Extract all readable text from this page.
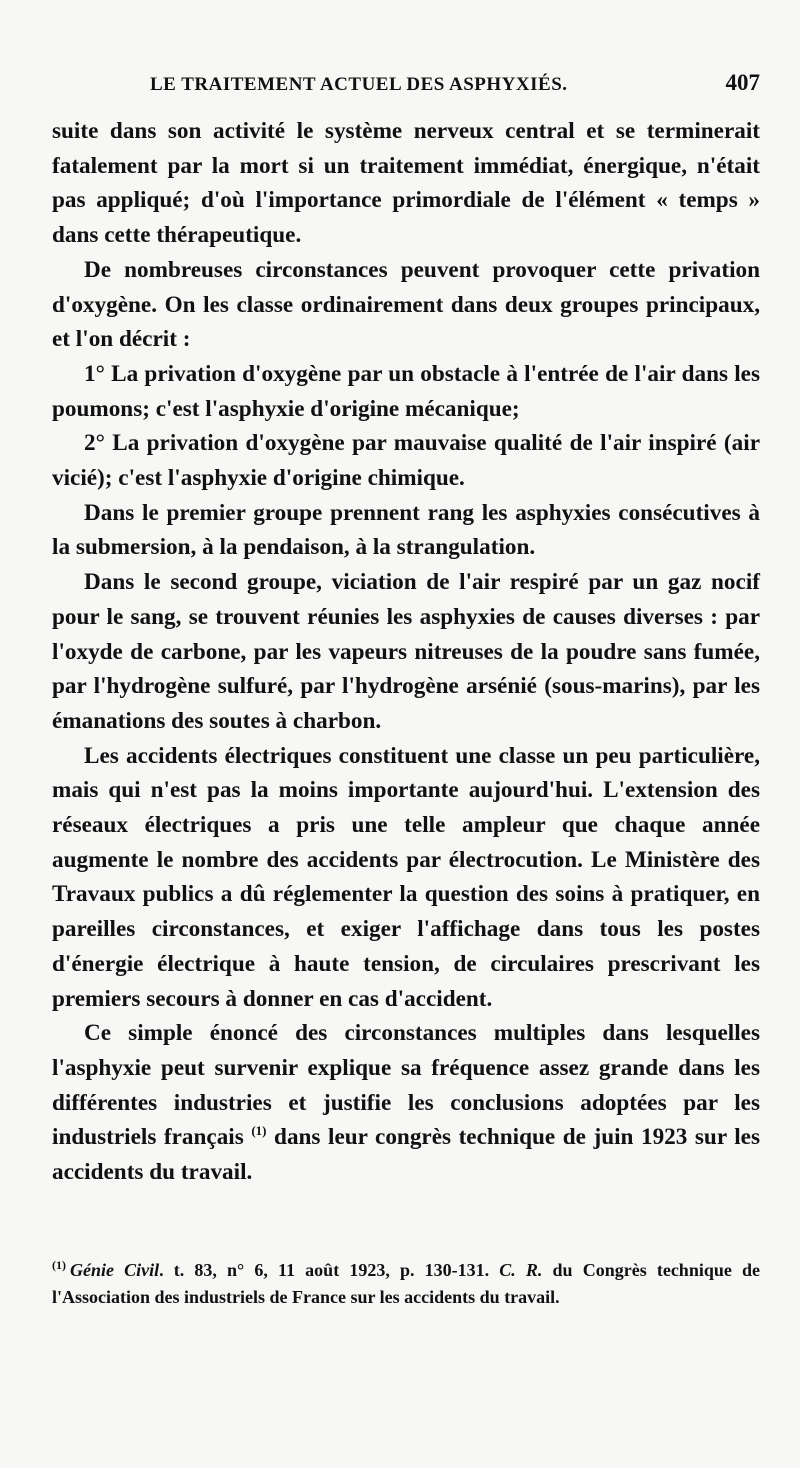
LE TRAITEMENT ACTUEL DES ASPHYXIÉS.	407

suite dans son activité le système nerveux central et se terminerait fatalement par la mort si un traitement immédiat, énergique, n'était pas appliqué; d'où l'importance primordiale de l'élément « temps » dans cette thérapeutique.

De nombreuses circonstances peuvent provoquer cette privation d'oxygène. On les classe ordinairement dans deux groupes principaux, et l'on décrit :

1° La privation d'oxygène par un obstacle à l'entrée de l'air dans les poumons; c'est l'asphyxie d'origine mécanique;

2° La privation d'oxygène par mauvaise qualité de l'air inspiré (air vicié); c'est l'asphyxie d'origine chimique.

Dans le premier groupe prennent rang les asphyxies consécutives à la submersion, à la pendaison, à la strangulation.

Dans le second groupe, viciation de l'air respiré par un gaz nocif pour le sang, se trouvent réunies les asphyxies de causes diverses : par l'oxyde de carbone, par les vapeurs nitreuses de la poudre sans fumée, par l'hydrogène sulfuré, par l'hydrogène arsénié (sous-marins), par les émanations des soutes à charbon.

Les accidents électriques constituent une classe un peu particulière, mais qui n'est pas la moins importante aujourd'hui. L'extension des réseaux électriques a pris une telle ampleur que chaque année augmente le nombre des accidents par électrocution. Le Ministère des Travaux publics a dû réglementer la question des soins à pratiquer, en pareilles circonstances, et exiger l'affichage dans tous les postes d'énergie électrique à haute tension, de circulaires prescrivant les premiers secours à donner en cas d'accident.

Ce simple énoncé des circonstances multiples dans lesquelles l'asphyxie peut survenir explique sa fréquence assez grande dans les différentes industries et justifie les conclusions adoptées par les industriels français $^{(1)}$ dans leur congrès technique de juin 1923 sur les accidents du travail.

$^{(1)}$ Génie Civil. t. 83, n° 6, 11 août 1923, p. 130-131. C. R. du Congrès technique de l'Association des industriels de France sur les accidents du travail.
